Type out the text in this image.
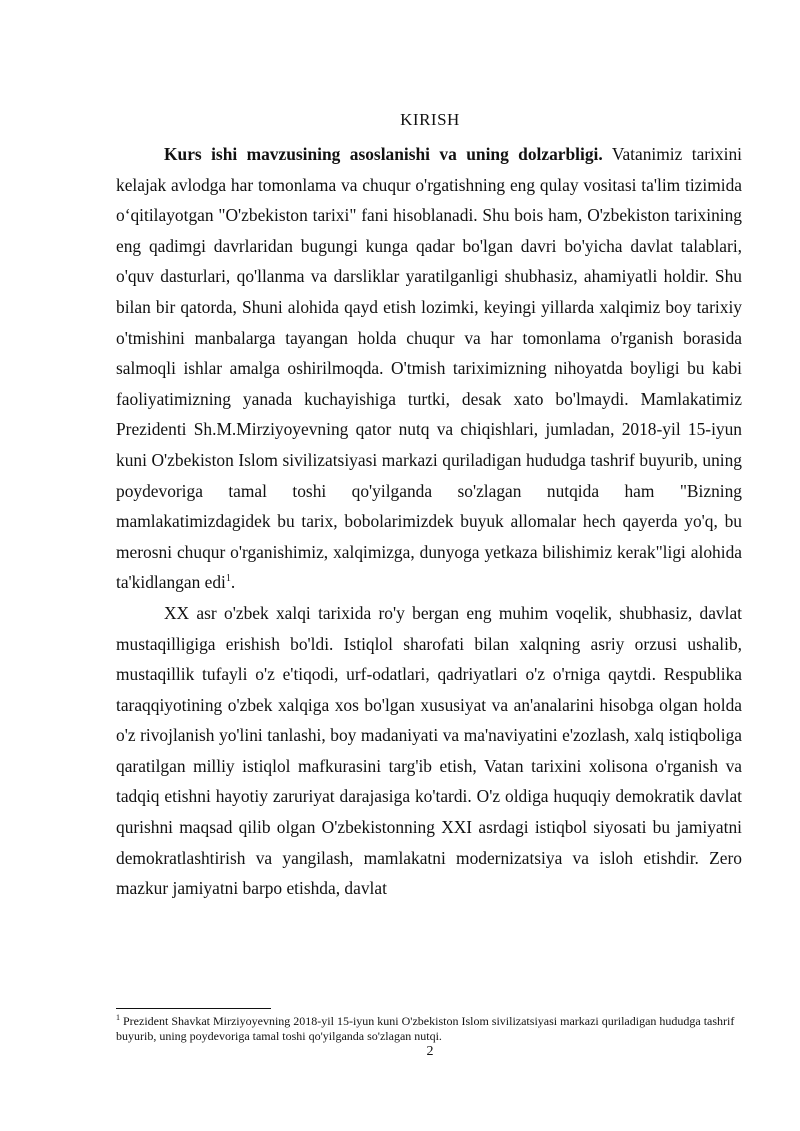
KIRISH

Kurs ishi mavzusining asoslanishi va uning dolzarbligi. Vatanimiz tarixini kelajak avlodga har tomonlama va chuqur o'rgatishning eng qulay vositasi ta'lim tizimida o‘qitilayotgan "O'zbekiston tarixi" fani hisoblanadi. Shu bois ham, O'zbekiston tarixining eng qadimgi davrlaridan bugungi kunga qadar bo'lgan davri bo'yicha davlat talablari, o'quv dasturlari, qo'llanma va darsliklar yaratilganligi shubhasiz, ahamiyatli holdir. Shu bilan bir qatorda, Shuni alohida qayd etish lozimki, keyingi yillarda xalqimiz boy tarixiy o'tmishini manbalarga tayangan holda chuqur va har tomonlama o'rganish borasida salmoqli ishlar amalga oshirilmoqda. O'tmish tariximizning nihoyatda boyligi bu kabi faoliyatimizning yanada kuchayishiga turtki, desak xato bo'lmaydi. Mamlakatimiz Prezidenti Sh.M.Mirziyoyevning qator nutq va chiqishlari, jumladan, 2018-yil 15-iyun kuni O'zbekiston Islom sivilizatsiyasi markazi quriladigan hududga tashrif buyurib, uning poydevoriga tamal toshi qo'yilganda so'zlagan nutqida ham "Bizning mamlakatimizdagidek bu tarix, bobolarimizdek buyuk allomalar hech qayerda yo'q, bu merosni chuqur o'rganishimiz, xalqimizga, dunyoga yetkaza bilishimiz kerak"ligi alohida ta'kidlangan edi$^1$.

XX asr o'zbek xalqi tarixida ro'y bergan eng muhim voqelik, shubhasiz, davlat mustaqilligiga erishish bo'ldi. Istiqlol sharofati bilan xalqning asriy orzusi ushalib, mustaqillik tufayli o'z e'tiqodi, urf-odatlari, qadriyatlari o'z o'rniga qaytdi. Respublika taraqqiyotining o'zbek xalqiga xos bo'lgan xususiyat va an'analarini hisobga olgan holda o'z rivojlanish yo'lini tanlashi, boy madaniyati va ma'naviyatini e'zozlash, xalq istiqboliga qaratilgan milliy istiqlol mafkurasini targ'ib etish, Vatan tarixini xolisona o'rganish va tadqiq etishni hayotiy zaruriyat darajasiga ko'tardi. O'z oldiga huquqiy demokratik davlat qurishni maqsad qilib olgan O'zbekistonning XXI asrdagi istiqbol siyosati bu jamiyatni demokratlashtirish va yangilash, mamlakatni modernizatsiya va isloh etishdir. Zero mazkur jamiyatni barpo etishda, davlat

$^1$ Prezident Shavkat Mirziyoyevning 2018-yil 15-iyun kuni O'zbekiston Islom sivilizatsiyasi markazi quriladigan hududga tashrif buyurib, uning poydevoriga tamal toshi qo'yilganda so'zlagan nutqi.
2
